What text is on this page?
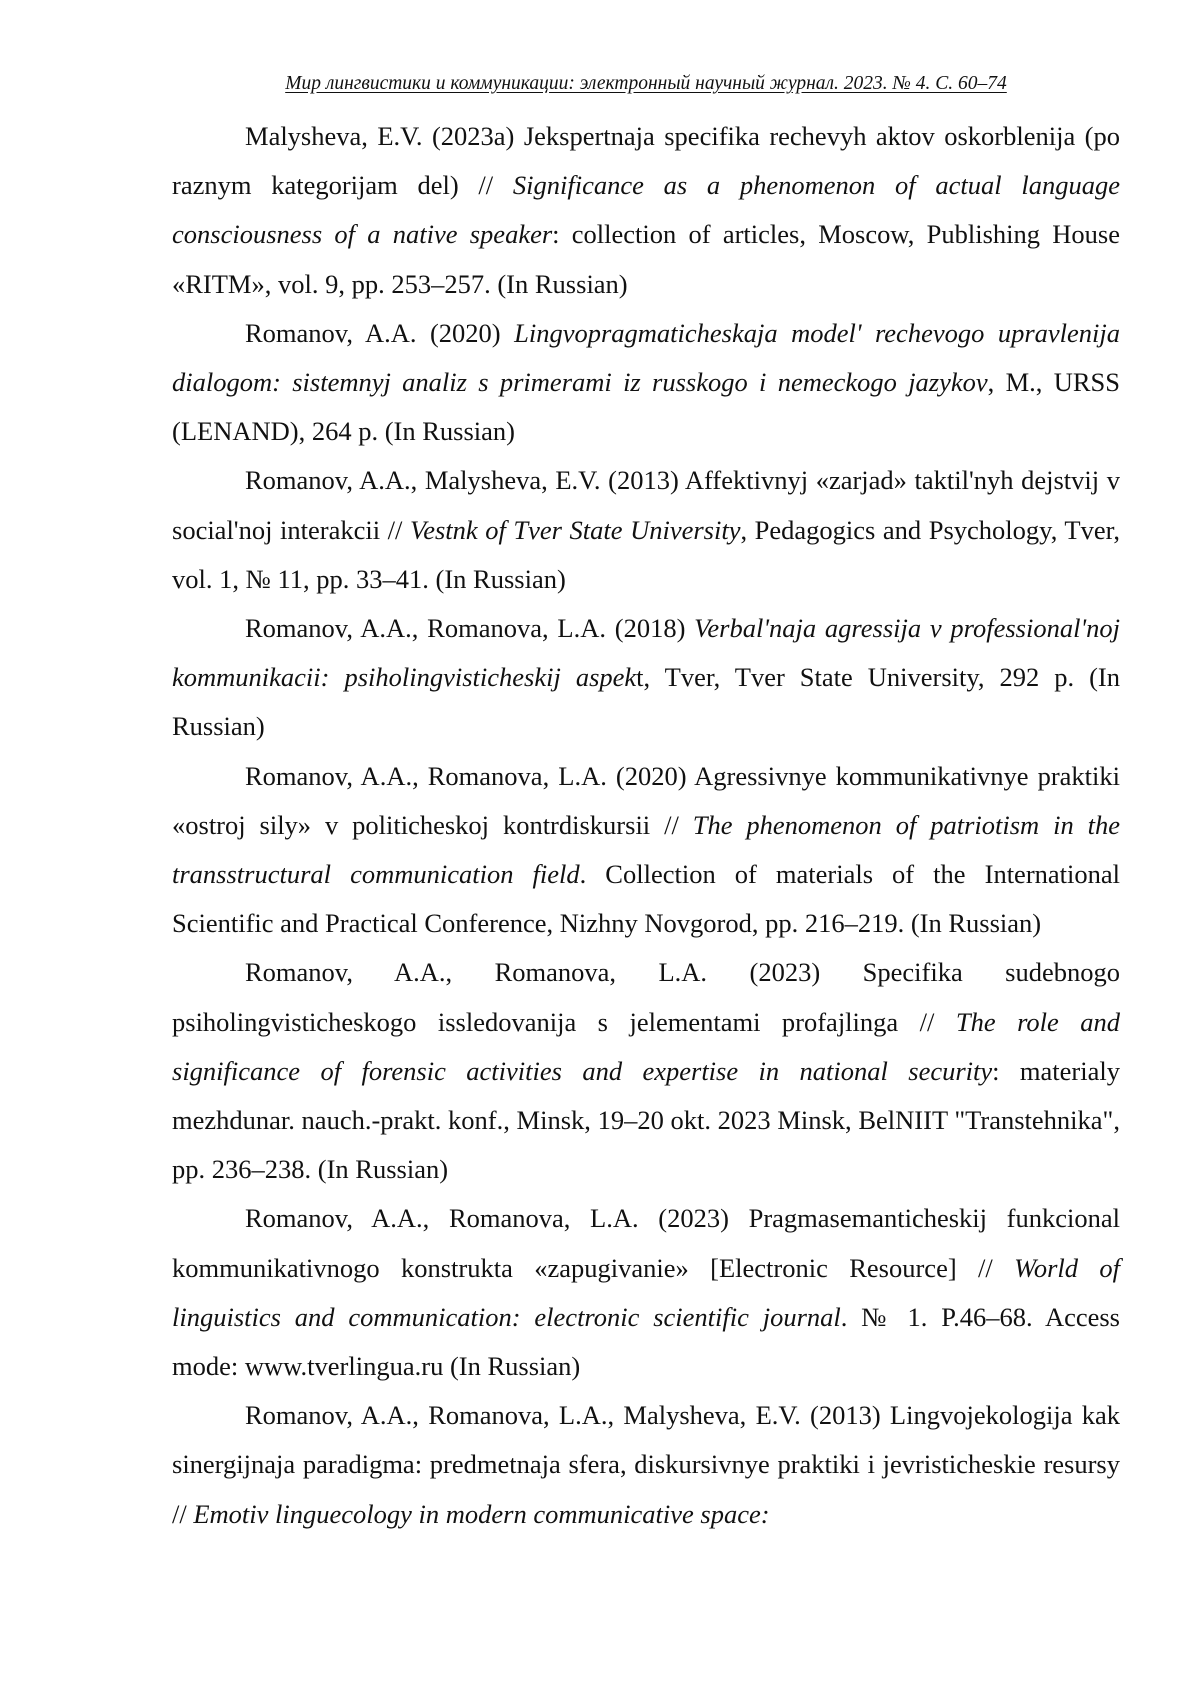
Мир лингвистики и коммуникации: электронный научный журнал. 2023. № 4. С. 60–74

Malysheva, E.V. (2023a) Jekspertnaja specifika rechevyh aktov oskorblenija (po raznym kategorijam del) // Significance as a phenomenon of actual language consciousness of a native speaker: collection of articles, Moscow, Publishing House «RITM», vol. 9, pp. 253–257. (In Russian)

Romanov, A.A. (2020) Lingvopragmaticheskaja model' rechevogo upravlenija dialogom: sistemnyj analiz s primerami iz russkogo i nemeckogo jazykov, M., URSS (LENAND), 264 p. (In Russian)

Romanov, A.A., Malysheva, E.V. (2013) Affektivnyj «zarjad» taktil'nyh dejstvij v social'noj interakcii // Vestnk of Tver State University, Pedagogics and Psychology, Tver, vol. 1, № 11, pp. 33–41. (In Russian)

Romanov, A.A., Romanova, L.A. (2018) Verbal'naja agressija v professional'noj kommunikacii: psiholingvisticheskij aspekt, Tver, Tver State University, 292 p. (In Russian)

Romanov, A.A., Romanova, L.A. (2020) Agressivnye kommunikativnye praktiki «ostroj sily» v politicheskoj kontrdiskursii // The phenomenon of patriotism in the transstructural communication field. Collection of materials of the International Scientific and Practical Conference, Nizhny Novgorod, pp. 216–219. (In Russian)

Romanov, A.A., Romanova, L.A. (2023) Specifika sudebnogo psiholingvisticheskogo issledovanija s jelementami profajlinga // The role and significance of forensic activities and expertise in national security: materialy mezhdunar. nauch.-prakt. konf., Minsk, 19–20 okt. 2023 Minsk, BelNIIT "Transtehnika", pp. 236–238. (In Russian)

Romanov, A.A., Romanova, L.A. (2023) Pragmasemanticheskij funkcional kommunikativnogo konstrukta «zapugivanie» [Electronic Resource] // World of linguistics and communication: electronic scientific journal. № 1. P.46–68. Access mode: www.tverlingua.ru (In Russian)

Romanov, A.A., Romanova, L.A., Malysheva, E.V. (2013) Lingvojekologija kak sinergijnaja paradigma: predmetnaja sfera, diskursivnye praktiki i jevristicheskie resursy // Emotiv linguecology in modern communicative space:
